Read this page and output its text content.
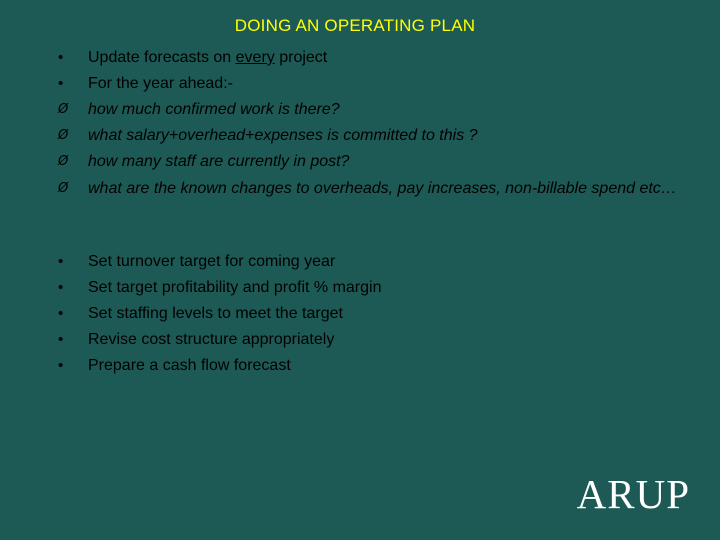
DOING AN OPERATING PLAN
•	Update forecasts on every project
•	For the year ahead:-
Ø how much confirmed work is there?
Ø what salary+overhead+expenses is committed to this ?
Ø how many staff are currently in post?
Ø what are the known changes to overheads, pay increases, non-billable spend etc…
•	Set turnover target for coming year
•	Set target profitability and profit % margin
•	Set staffing levels to meet the target
•	Revise cost structure appropriately
•	Prepare a cash flow forecast
ARUP
